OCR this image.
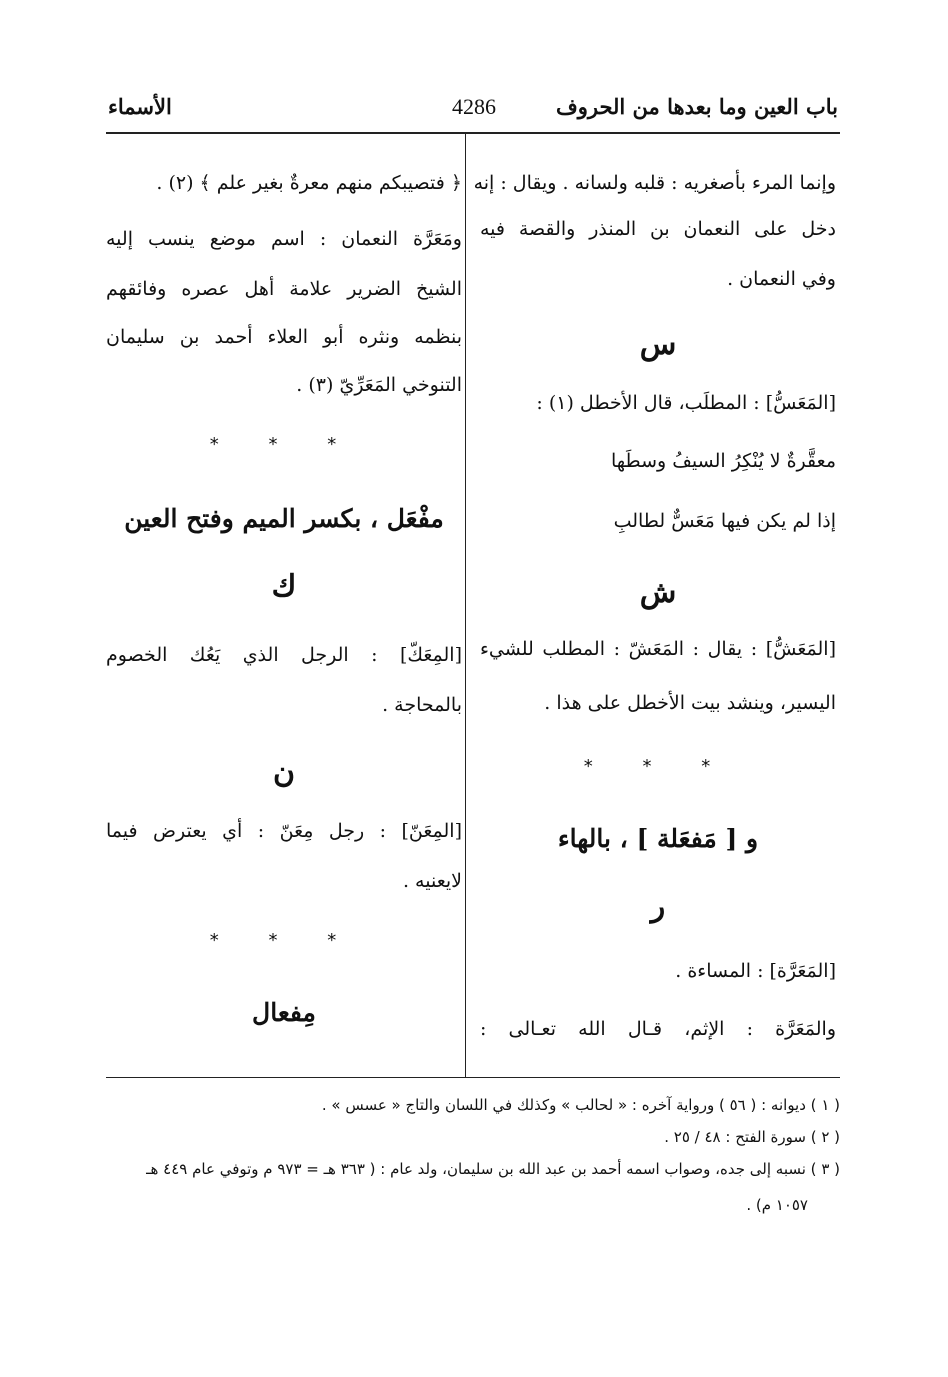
باب العين وما بعدها من الحروف
4286
الأسماء
وإنما المرء بأصغريه : قلبه ولسانه . ويقال : إنه
دخل على النعمان بن المنذر والقصة فيه
وفي النعمان .
س
[المَعَسُّ] : المطلَب، قال الأخطل (١) :
معقَّرةٌ لا يُنْكِرُ السيفُ وسطَها
إذا لم يكن فيها مَعَسٌّ لطالبِ
ش
[المَعَشُّ] : يقال : المَعَشّ : المطلب للشيء
اليسير، وينشد بيت الأخطل على هذا .
* * *
و [ مَفعَلة ] ، بالهاء
ر
[المَعَرَّة] : المساءة .
والمَعَرَّة : الإثم، قـال الله تعـالى :
﴿ فتصيبكم منهم معرةٌ بغير علم ﴾ (٢) .
ومَعَرَّة النعمان : اسم موضع ينسب إليه
الشيخ الضرير علامة أهل عصره وفائقهم
بنظمه ونثره أبو العلاء أحمد بن سليمان
التنوخي المَعَرِّيّ (٣) .
* * *
مفْعَل ، بكسر الميم وفتح العين
ك
[المِعَكّ] : الرجل الذي يَعُك الخصوم
بالمحاجة .
ن
[المِعَنّ] : رجل مِعَنّ : أي يعترض فيما
لايعنيه .
* * *
مِفعال
( ١ ) ديوانه : ( ٥٦ ) ورواية آخره : « لحالب » وكذلك في اللسان والتاج « عسس » .
( ٢ ) سورة الفتح : ٤٨ / ٢٥ .
( ٣ ) نسبه إلى جده، وصواب اسمه أحمد بن عبد الله بن سليمان، ولد عام : ( ٣٦٣ هـ = ٩٧٣ م وتوفي عام ٤٤٩ هـ
١٠٥٧ م) .
